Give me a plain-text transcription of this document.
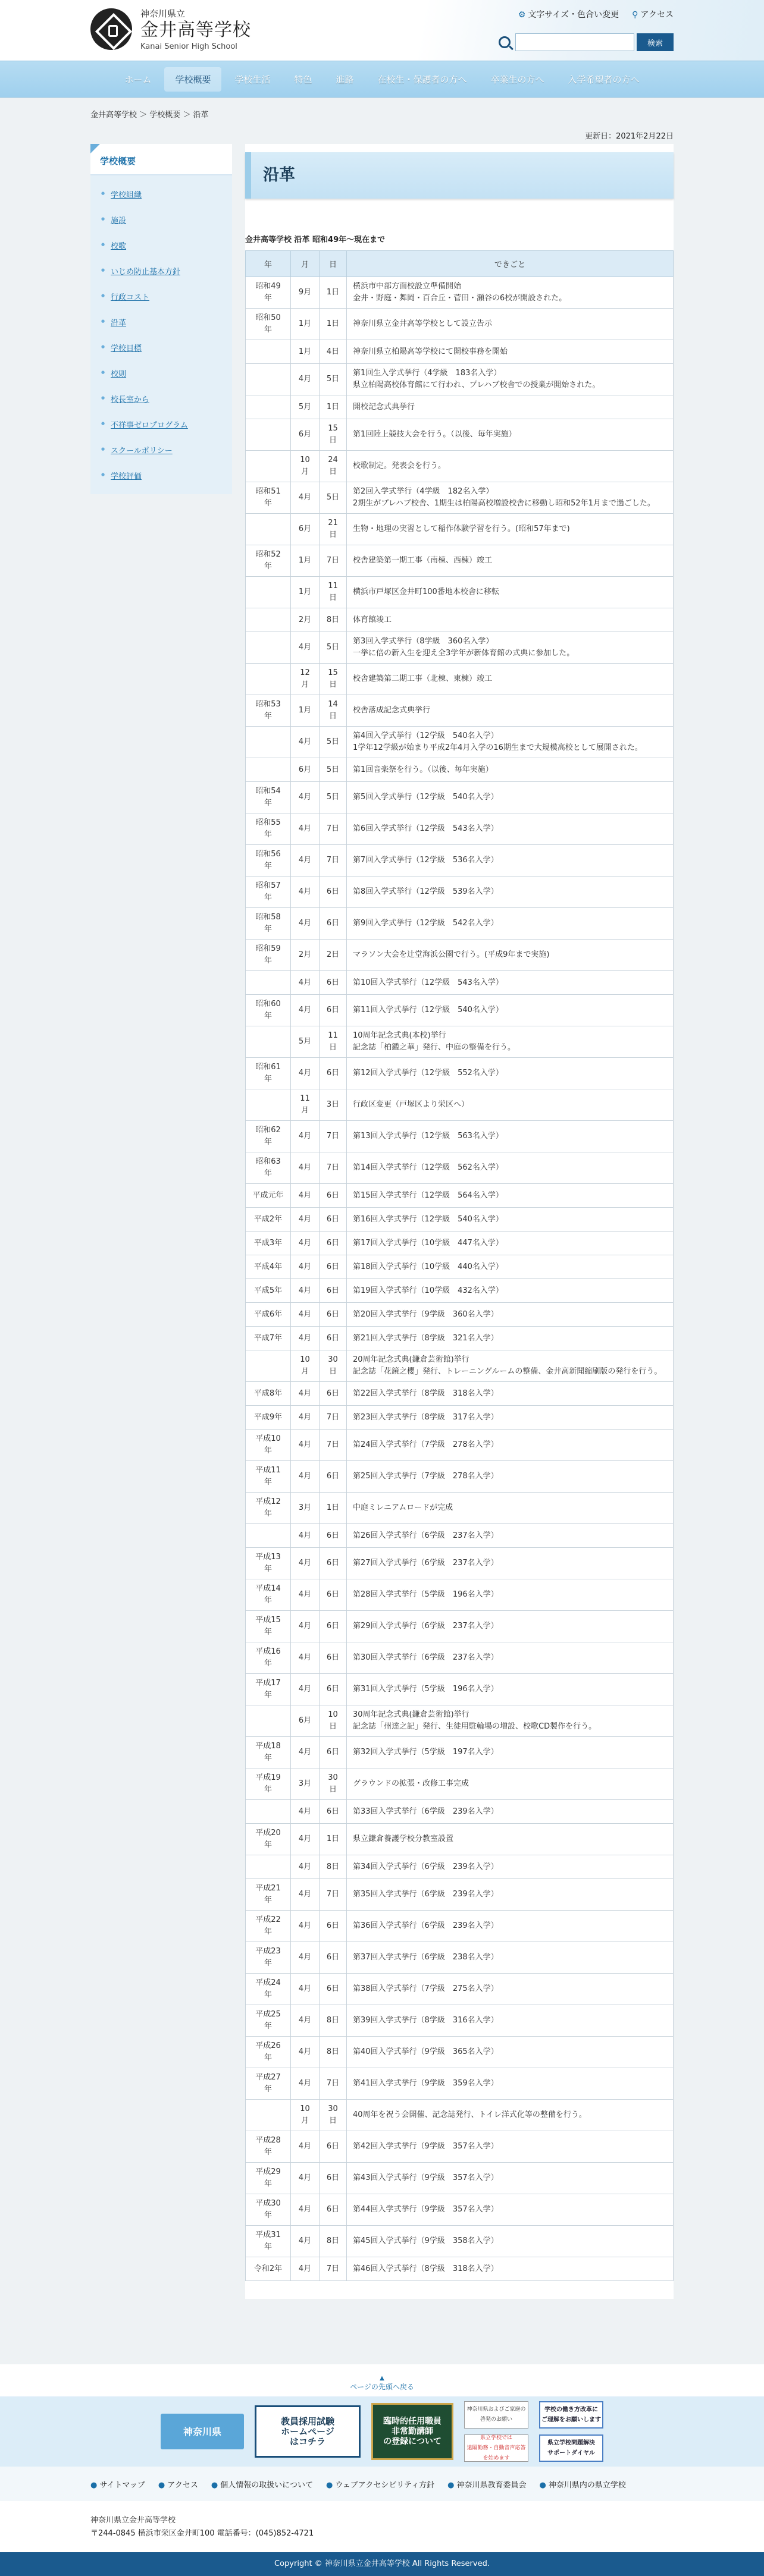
神奈川県立
金井高等学校
Kanai Senior High School
⚙ 文字サイズ・色合い変更 ⚲ アクセス
検索
ホーム	学校概要	学校生活	特色	進路	在校生・保護者の方へ	卒業生の方へ	入学希望者の方へ
金井高等学校 ＞ 学校概要 ＞ 沿革
更新日：2021年2月22日
学校概要
● 学校組織
● 施設
● 校歌
● いじめ防止基本方針
● 行政コスト
● 沿革
● 学校目標
● 校則
● 校長室から
● 不祥事ゼロプログラム
● スクールポリシー
● 学校評価
沿革
金井高等学校 沿革 昭和49年～現在まで
年	月	日	できごと
昭和49年	9月	1日	横浜市中部方面校設立準備開始
金井・野庭・舞岡・百合丘・菅田・瀬谷の6校が開設された。
昭和50年	1月	1日	神奈川県立金井高等学校として設立告示
	1月	4日	神奈川県立柏陽高等学校にて開校事務を開始
	4月	5日	第1回生入学式挙行（4学級　183名入学）
県立柏陽高校体育館にて行われ、プレハブ校舎での授業が開始された。
	5月	1日	開校記念式典挙行
	6月	15日	第1回陸上競技大会を行う。（以後、毎年実施）
	10月	24日	校歌制定。発表会を行う。
昭和51年	4月	5日	第2回入学式挙行（4学級　182名入学）
2期生がプレハブ校舎、1期生は柏陽高校増設校舎に移動し昭和52年1月まで過ごした。
	6月	21日	生物・地理の実習として稲作体験学習を行う。(昭和57年まで)
昭和52年	1月	7日	校舎建築第一期工事（南棟、西棟）竣工
	1月	11日	横浜市戸塚区金井町100番地本校舎に移転
	2月	8日	体育館竣工
	4月	5日	第3回入学式挙行（8学級　360名入学）
一挙に倍の新入生を迎え全3学年が新体育館の式典に参加した。
	12月	15日	校舎建築第二期工事（北棟、東棟）竣工
昭和53年	1月	14日	校舎落成記念式典挙行
	4月	5日	第4回入学式挙行（12学級　540名入学）
1学年12学級が始まり平成2年4月入学の16期生まで大規模高校として展開された。
	6月	5日	第1回音楽祭を行う。（以後、毎年実施）
昭和54年	4月	5日	第5回入学式挙行（12学級　540名入学）
昭和55年	4月	7日	第6回入学式挙行（12学級　543名入学）
昭和56年	4月	7日	第7回入学式挙行（12学級　536名入学）
昭和57年	4月	6日	第8回入学式挙行（12学級　539名入学）
昭和58年	4月	6日	第9回入学式挙行（12学級　542名入学）
昭和59年	2月	2日	マラソン大会を辻堂海浜公園で行う。(平成9年まで実施)
	4月	6日	第10回入学式挙行（12学級　543名入学）
昭和60年	4月	6日	第11回入学式挙行（12学級　540名入学）
	5月	11日	10周年記念式典(本校)挙行
記念誌「柏鑑之華」発行、中庭の整備を行う。
昭和61年	4月	6日	第12回入学式挙行（12学級　552名入学）
	11月	3日	行政区変更（戸塚区より栄区へ）
昭和62年	4月	7日	第13回入学式挙行（12学級　563名入学）
昭和63年	4月	7日	第14回入学式挙行（12学級　562名入学）
平成元年	4月	6日	第15回入学式挙行（12学級　564名入学）
平成2年	4月	6日	第16回入学式挙行（12学級　540名入学）
平成3年	4月	6日	第17回入学式挙行（10学級　447名入学）
平成4年	4月	6日	第18回入学式挙行（10学級　440名入学）
平成5年	4月	6日	第19回入学式挙行（10学級　432名入学）
平成6年	4月	6日	第20回入学式挙行（9学級　360名入学）
平成7年	4月	6日	第21回入学式挙行（8学級　321名入学）
	10月	30日	20周年記念式典(鎌倉芸術館)挙行
記念誌「花鏡之櫻」発行、トレーニングルームの整備、金井高新聞縮刷版の発行を行う。
平成8年	4月	6日	第22回入学式挙行（8学級　318名入学）
平成9年	4月	7日	第23回入学式挙行（8学級　317名入学）
平成10年	4月	7日	第24回入学式挙行（7学級　278名入学）
平成11年	4月	6日	第25回入学式挙行（7学級　278名入学）
平成12年	3月	1日	中庭ミレニアムロードが完成
	4月	6日	第26回入学式挙行（6学級　237名入学）
平成13年	4月	6日	第27回入学式挙行（6学級　237名入学）
平成14年	4月	6日	第28回入学式挙行（5学級　196名入学）
平成15年	4月	6日	第29回入学式挙行（6学級　237名入学）
平成16年	4月	6日	第30回入学式挙行（6学級　237名入学）
平成17年	4月	6日	第31回入学式挙行（5学級　196名入学）
	6月	10日	30周年記念式典(鎌倉芸術館)挙行
記念誌「州達之記」発行、生徒用駐輪場の増設、校歌CD製作を行う。
平成18年	4月	6日	第32回入学式挙行（5学級　197名入学）
平成19年	3月	30日	グラウンドの拡張・改修工事完成
	4月	6日	第33回入学式挙行（6学級　239名入学）
平成20年	4月	1日	県立鎌倉養護学校分教室設置
	4月	8日	第34回入学式挙行（6学級　239名入学）
平成21年	4月	7日	第35回入学式挙行（6学級　239名入学）
平成22年	4月	6日	第36回入学式挙行（6学級　239名入学）
平成23年	4月	6日	第37回入学式挙行（6学級　238名入学）
平成24年	4月	6日	第38回入学式挙行（7学級　275名入学）
平成25年	4月	8日	第39回入学式挙行（8学級　316名入学）
平成26年	4月	8日	第40回入学式挙行（9学級　365名入学）
平成27年	4月	7日	第41回入学式挙行（9学級　359名入学）
	10月	30日	40周年を祝う会開催、記念誌発行、トイレ洋式化等の整備を行う。
平成28年	4月	6日	第42回入学式挙行（9学級　357名入学）
平成29年	4月	6日	第43回入学式挙行（9学級　357名入学）
平成30年	4月	6日	第44回入学式挙行（9学級　357名入学）
平成31年	4月	8日	第45回入学式挙行（9学級　358名入学）
令和2年	4月	7日	第46回入学式挙行（8学級　318名入学）
▲
ページの先頭へ戻る
神奈川県
教員採用試験
ホームページ
はコチラ
臨時的任用職員
非常勤講師
の登録について
神奈川県およびご家庭の
啓発のお願い
県立学校では
遠隔勤務・自動音声応答
を始めます
学校の働き方改革に
ご理解をお願いします
県立学校問題解決
サポートダイヤル
● サイトマップ ● アクセス ● 個人情報の取扱いについて ● ウェブアクセシビリティ方針 ● 神奈川県教育委員会 ● 神奈川県内の県立学校
神奈川県立金井高等学校
〒244-0845 横浜市栄区金井町100 電話番号：(045)852-4721
Copyright © 神奈川県立金井高等学校 All Rights Reserved.
